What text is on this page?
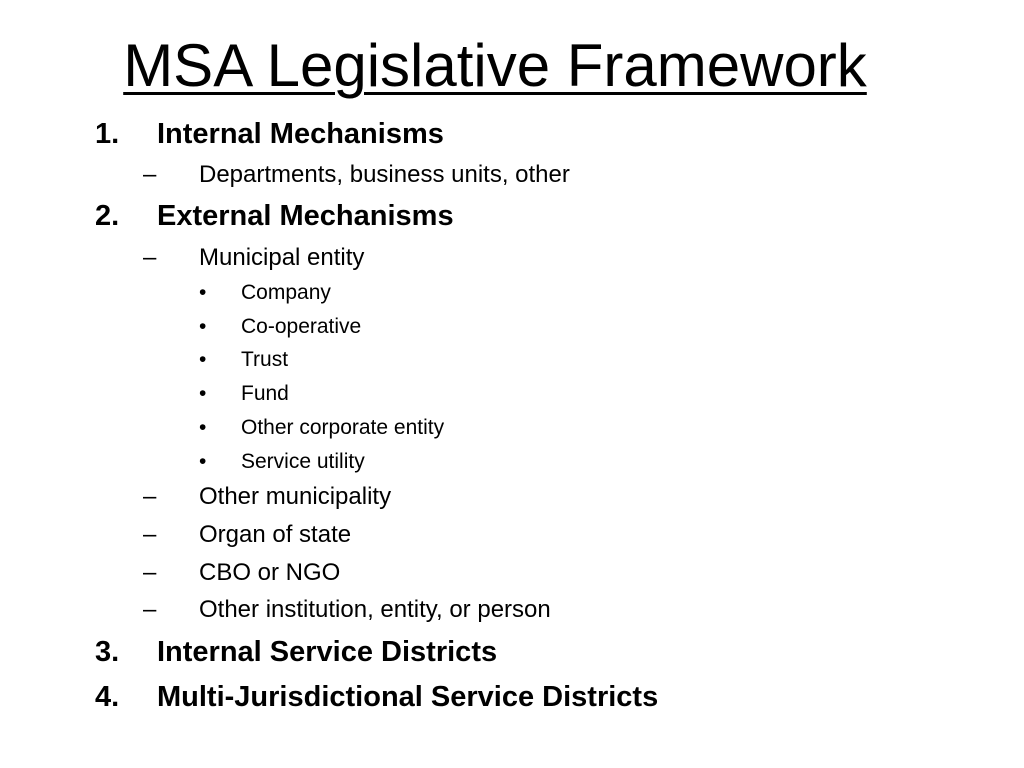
MSA Legislative Framework
1. Internal Mechanisms
– Departments, business units, other
2. External Mechanisms
– Municipal entity
• Company
• Co-operative
• Trust
• Fund
• Other corporate entity
• Service utility
– Other municipality
– Organ of state
– CBO or NGO
– Other institution, entity, or person
3. Internal Service Districts
4. Multi-Jurisdictional Service Districts
